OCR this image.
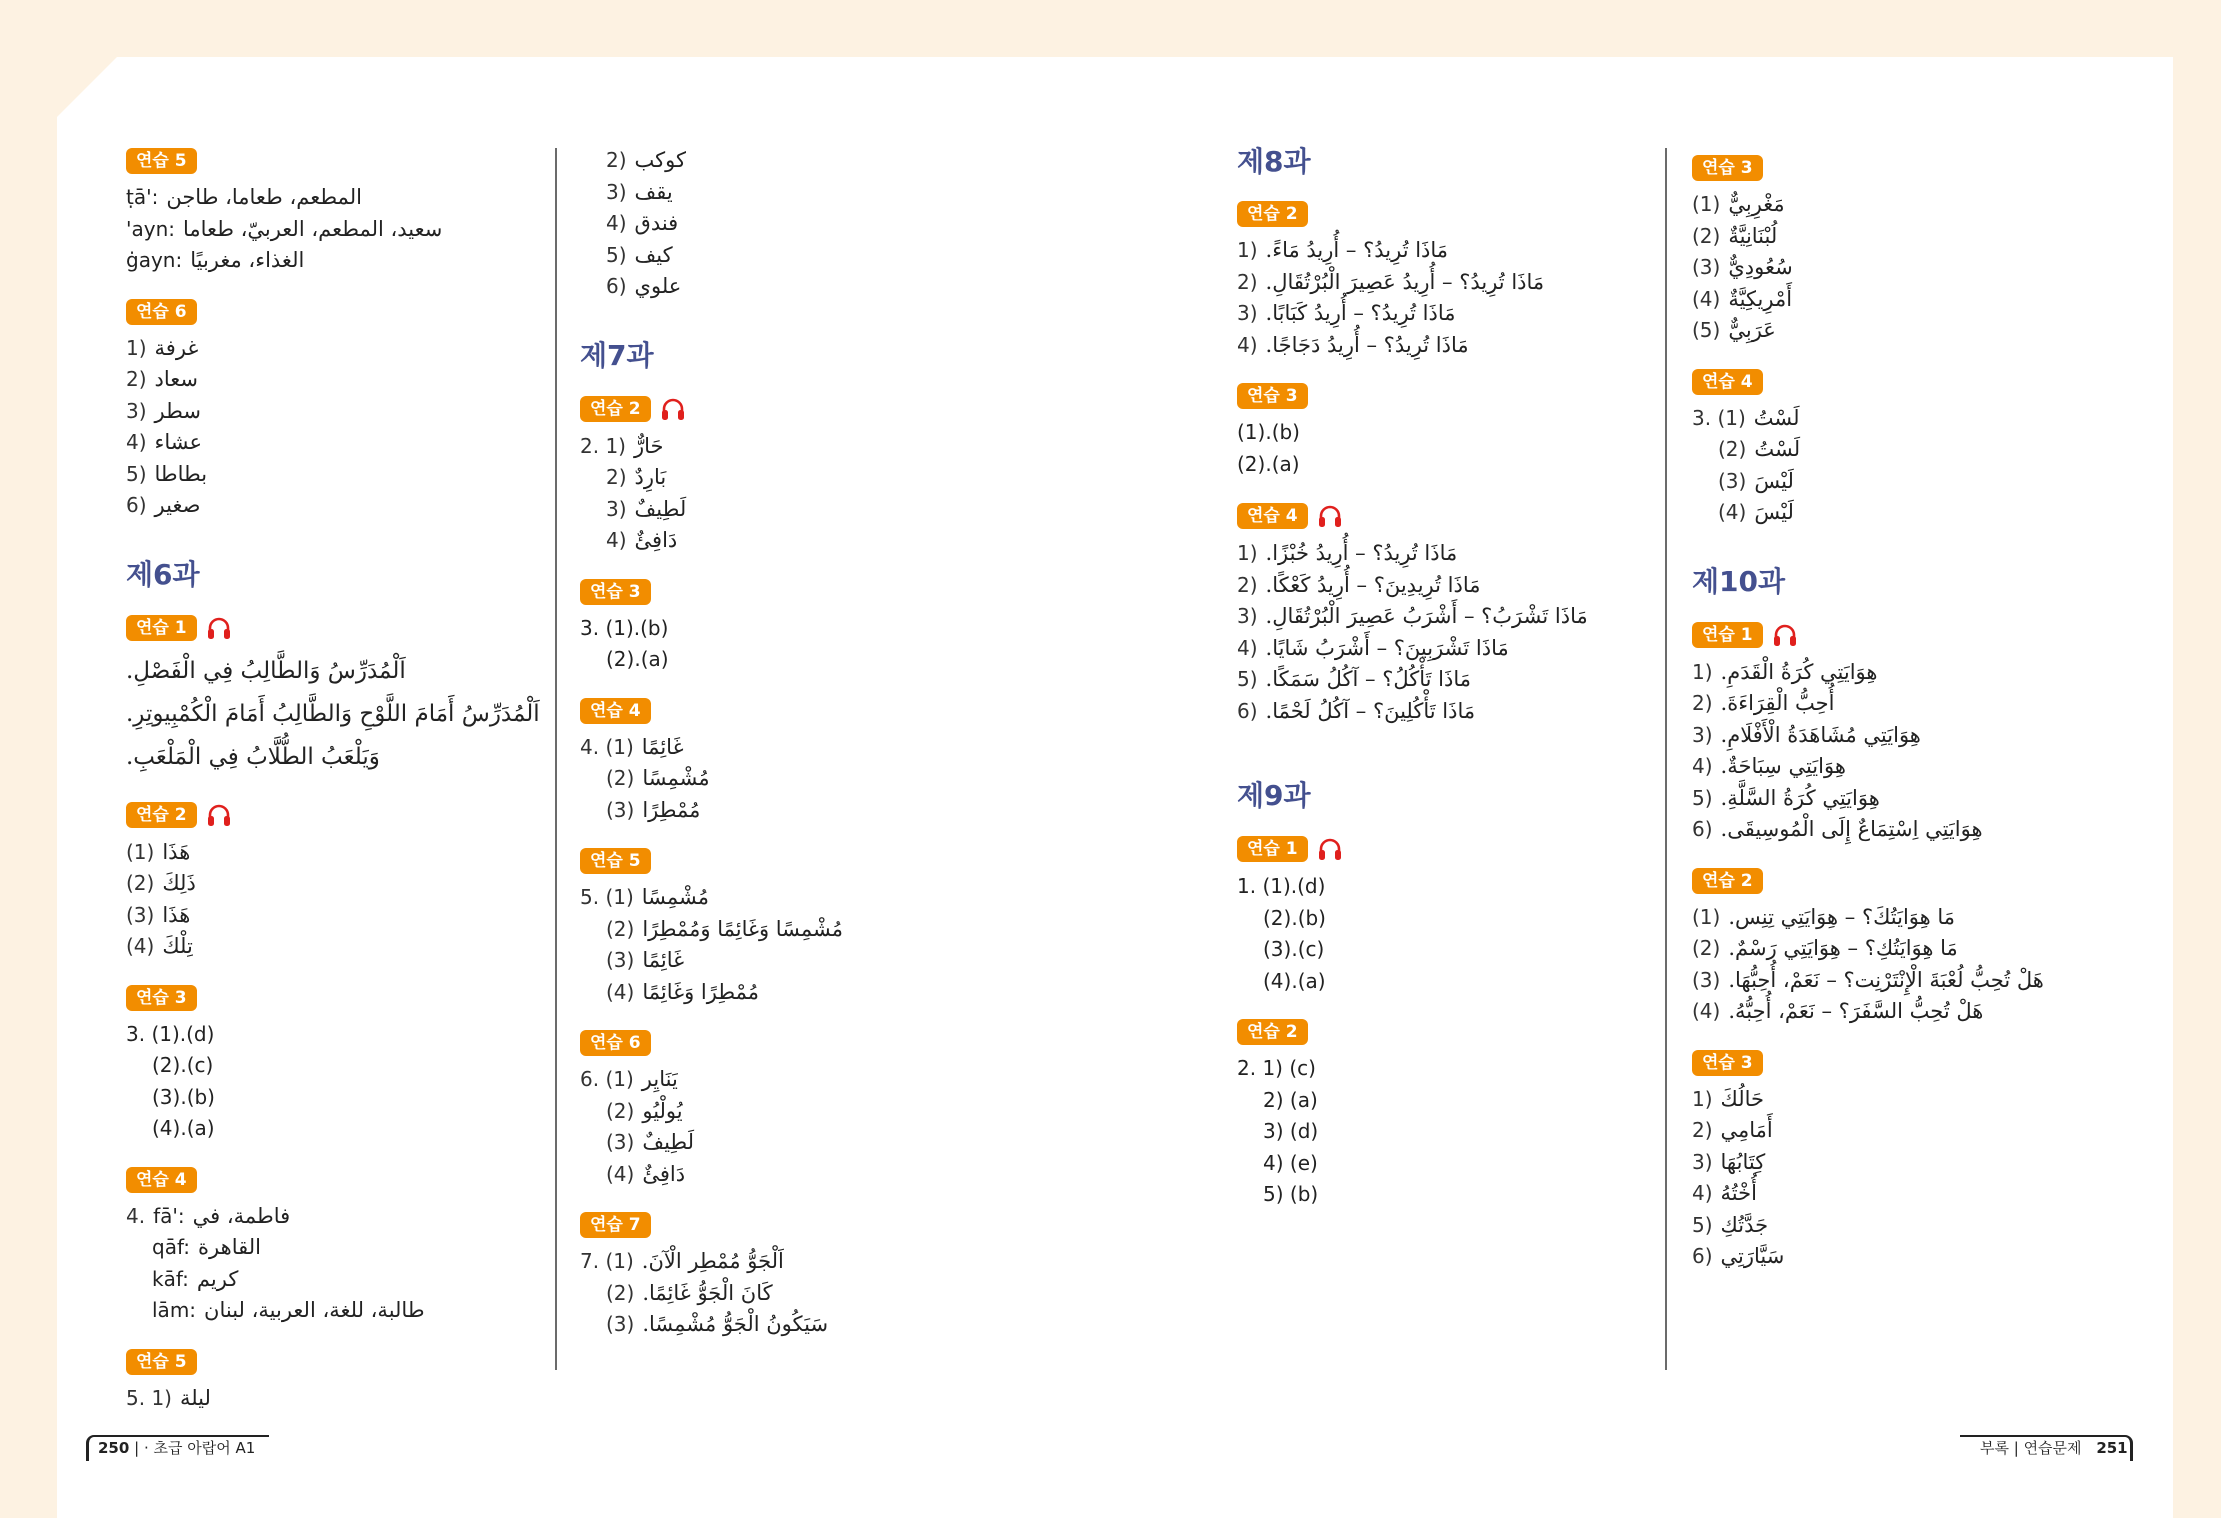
연습 5
ṭā': المطعم، طعاما، طاجن
'ayn: سعيد، المطعم، العربيّ، طعاما
ġayn: الغذاء، مغربيًا
연습 6
1) غرفة
2) سعاد
3) سطر
4) عشاء
5) بطاطا
6) صغير
제6과
연습 1
اَلْمُدَرِّسُ وَالطَّالِبُ فِي الْفَصْلِ.
اَلْمُدَرِّسُ أَمَامَ اللَّوْحِ وَالطَّالِبُ أَمَامَ الْكُمْبِيوتِرِ.
وَيَلْعَبُ الطُّلَّابُ فِي الْمَلْعَبِ.
연습 2
(1) هَذَا
(2) ذَلِكَ
(3) هَذَا
(4) تِلْكَ
연습 3
3. (1).(d)
(2).(c)
(3).(b)
(4).(a)
연습 4
4. fā': فاطمة، في
qāf: القاهرة
kāf: كريم
lām: طالبة، للغة، العربية، لبنان
연습 5
5. 1) ليلة
2) كوكب
3) يقف
4) فندق
5) كيف
6) علوي
제7과
연습 2
2. 1) حَارٌّ
2) بَارِدٌ
3) لَطِيفٌ
4) دَافِئٌ
연습 3
3. (1).(b)
(2).(a)
연습 4
4. (1) غَائِمًا
(2) مُشْمِسًا
(3) مُمْطِرًا
연습 5
5. (1) مُشْمِسًا
(2) مُشْمِسًا وَغَائِمًا وَمُمْطِرًا
(3) غَائِمًا
(4) مُمْطِرًا وَغَائِمًا
연습 6
6. (1) يَنَايِر
(2) يُولْيُو
(3) لَطِيفٌ
(4) دَافِئٌ
연습 7
7. (1) اَلْجَوُّ مُمْطِر الْآنَ.
(2) كَانَ الْجَوُّ غَائِمًا.
(3) سَيَكُونُ الْجَوُّ مُشْمِسًا.
제8과
연습 2
1) مَاذَا تُرِيدُ؟ – أُرِيدُ مَاءً.
2) مَاذَا تُرِيدُ؟ – أُرِيدُ عَصِيرَ الْبُرْتُقَالِ.
3) مَاذَا تُرِيدُ؟ – أُرِيدُ كَبَابًا.
4) مَاذَا تُرِيدُ؟ – أُرِيدُ دَجَاجًا.
연습 3
(1).(b)
(2).(a)
연습 4
1) مَاذَا تُرِيدُ؟ – أُرِيدُ خُبْزًا.
2) مَاذَا تُرِيدِينَ؟ – أُرِيدُ كَعْكًا.
3) مَاذَا تَشْرَبُ؟ – أَشْرَبُ عَصِيرَ الْبُرْتُقَالِ.
4) مَاذَا تَشْرَبِينَ؟ – أَشْرَبُ شَايًا.
5) مَاذَا تَأْكُلُ؟ – آكُلُ سَمَكًا.
6) مَاذَا تَأْكُلِينَ؟ – آكُلُ لَحْمًا.
제9과
연습 1
1. (1).(d)
(2).(b)
(3).(c)
(4).(a)
연습 2
2. 1) (c)
2) (a)
3) (d)
4) (e)
5) (b)
연습 3
(1) مَغْرِبِيٌّ
(2) لُبْنَانِيَّةٌ
(3) سُعُودِيٌّ
(4) أَمْرِيكِيَّةٌ
(5) عَرَبِيٌّ
연습 4
3. (1) لَسْتُ
(2) لَسْتُ
(3) لَيْسَ
(4) لَيْسَ
제10과
연습 1
1) هِوَايَتِي كُرَةُ الْقَدَمِ.
2) أُحِبُّ الْقِرَاءَةَ.
3) هِوَايَتِي مُشَاهَدَةُ الْأَفْلَامِ.
4) هِوَايَتِي سِبَاحَةٌ.
5) هِوَايَتِي كُرَةُ السَّلَّةِ.
6) هِوَايَتِي اِسْتِمَاعٌ إِلَى الْمُوسِيقَى.
연습 2
(1) مَا هِوَايَتُكَ؟ – هِوَايَتِي تِنِس.
(2) مَا هِوَايَتُكِ؟ – هِوَايَتِي رَسْمٌ.
(3) هَلْ تُحِبُّ لُعْبَةَ الْإِنْتَرْنِت؟ – نَعَمْ، أُحِبُّهَا.
(4) هَلْ تُحِبُّ السَّفَرَ؟ – نَعَمْ، أُحِبُّهُ.
연습 3
1) حَالُكَ
2) أَمَامِي
3) كِتَابُهَا
4) أُخْتُهُ
5) جَدَّتُكِ
6) سَيَّارَتِي
250 | · 초급 아랍어 A1	부록 | 연습문제 251
